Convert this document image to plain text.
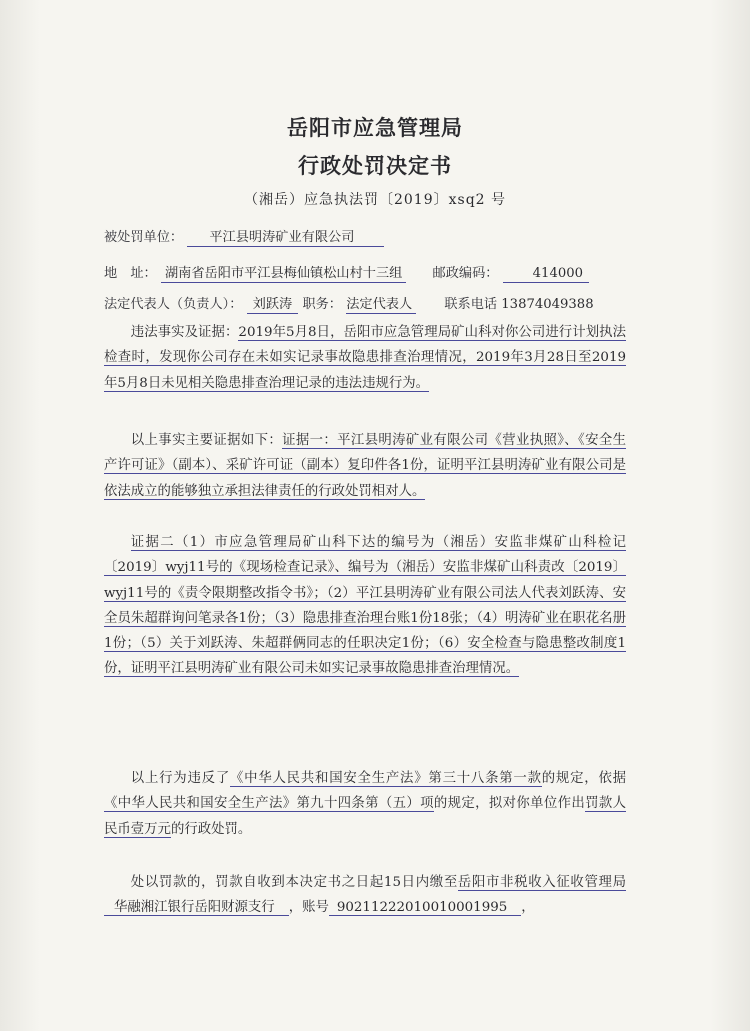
岳阳市应急管理局
行政处罚决定书
（湘岳）应急执法罚〔2019〕xsq2 号
被处罚单位： 平江县明涛矿业有限公司
地　址： 湖南省岳阳市平江县梅仙镇松山村十三组 邮政编码：	414000
法定代表人（负责人）： 刘跃涛 职务： 法定代表人 联系电话 13874049388
违法事实及证据：2019年5月8日，岳阳市应急管理局矿山科对你公司进行计划执法检查时，发现你公司存在未如实记录事故隐患排查治理情况，2019年3月28日至2019年5月8日未见相关隐患排查治理记录的违法违规行为。
以上事实主要证据如下：证据一：平江县明涛矿业有限公司《营业执照》、《安全生产许可证》（副本）、采矿许可证（副本）复印件各1份，证明平江县明涛矿业有限公司是依法成立的能够独立承担法律责任的行政处罚相对人。
证据二（1）市应急管理局矿山科下达的编号为（湘岳）安监非煤矿山科检记〔2019〕wyj11号的《现场检查记录》、编号为（湘岳）安监非煤矿山科责改〔2019〕wyj11号的《责令限期整改指令书》；（2）平江县明涛矿业有限公司法人代表刘跃涛、安全员朱超群询问笔录各1份；（3）隐患排查治理台账1份18张；（4）明涛矿业在职花名册1份；（5）关于刘跃涛、朱超群俩同志的任职决定1份；（6）安全检查与隐患整改制度1份，证明平江县明涛矿业有限公司未如实记录事故隐患排查治理情况。
以上行为违反了《中华人民共和国安全生产法》第三十八条第一款的规定，依据《中华人民共和国安全生产法》第九十四条第（五）项的规定，拟对你单位作出罚款人民币壹万元的行政处罚。
处以罚款的，罚款自收到本决定书之日起15日内缴至岳阳市非税收入征收管理局 华融湘江银行岳阳财源支行 ，账号 90211222010010001995 ，
